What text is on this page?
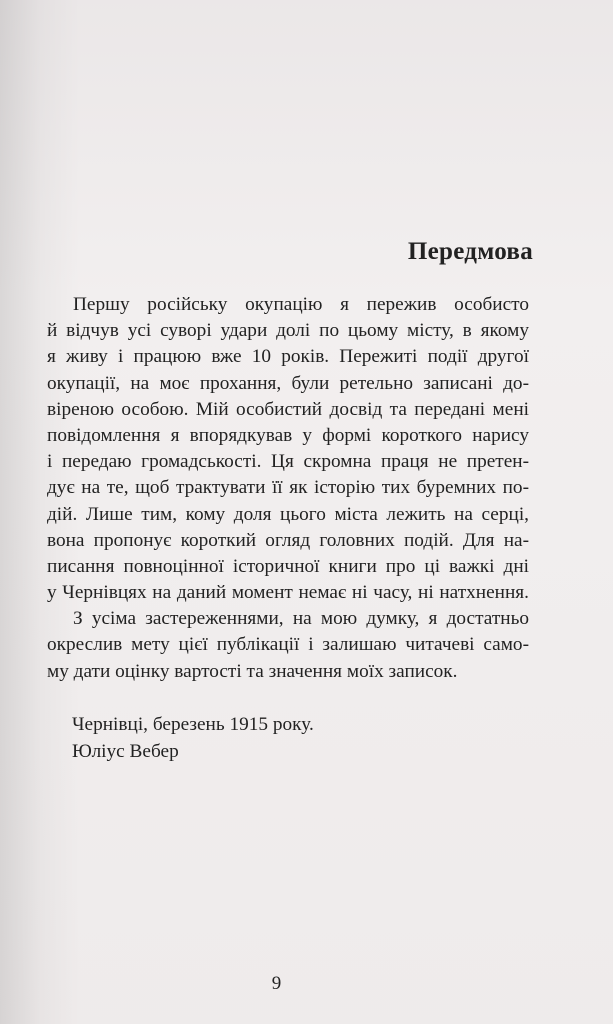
Передмова
Першу російську окупацію я пережив особисто
й відчув усі суворі удари долі по цьому місту, в якому
я живу і працюю вже 10 років. Пережиті події другої
окупації, на моє прохання, були ретельно записані до-
віреною особою. Мій особистий досвід та передані мені
повідомлення я впорядкував у формі короткого нарису
і передаю громадськості. Ця скромна праця не претен-
дує на те, щоб трактувати її як історію тих буремних по-
дій. Лише тим, кому доля цього міста лежить на серці,
вона пропонує короткий огляд головних подій. Для на-
писання повноцінної історичної книги про ці важкі дні
у Чернівцях на даний момент немає ні часу, ні натхнення.
З усіма застереженнями, на мою думку, я достатньо
окреслив мету цієї публікації і залишаю читачеві само-
му дати оцінку вартості та значення моїх записок.
Чернівці, березень 1915 року.
Юліус Вебер
9
